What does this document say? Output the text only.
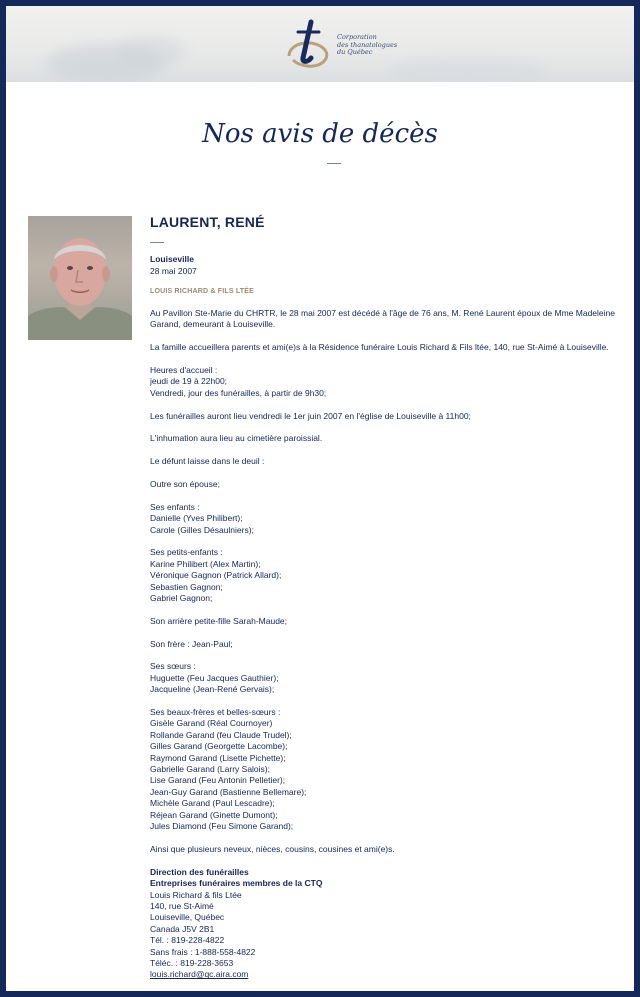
Corporation
des thanatologues
du Québec
Nos avis de décès
LAURENT, RENÉ
Louiseville
28 mai 2007
LOUIS RICHARD & FILS LTÉE

Au Pavillon Ste-Marie du CHRTR, le 28 mai 2007 est décédé à l'âge de 76 ans, M. René Laurent époux de Mme Madeleine Garand, demeurant à Louiseville.

La famille accueillera parents et ami(e)s à la Résidence funéraire Louis Richard & Fils ltée, 140, rue St-Aimé à Louiseville.

Heures d'accueil :
jeudi de 19 à 22h00;
Vendredi, jour des funérailles, à partir de 9h30;

Les funérailles auront lieu vendredi le 1er juin 2007 en l'église de Louiseville à 11h00;

L'inhumation aura lieu au cimetière paroissial.

Le défunt laisse dans le deuil :

Outre son épouse;

Ses enfants :
Danielle (Yves Philibert);
Carole (Gilles Désaulniers);

Ses petits-enfants :
Karine Philibert (Alex Martin);
Véronique Gagnon (Patrick Allard);
Sebastien Gagnon;
Gabriel Gagnon;

Son arrière petite-fille Sarah-Maude;

Son frère : Jean-Paul;

Ses sœurs :
Huguette (Feu Jacques Gauthier);
Jacqueline (Jean-René Gervais);

Ses beaux-frères et belles-sœurs :
Gisèle Garand (Réal Cournoyer)
Rollande Garand (feu Claude Trudel);
Gilles Garand (Georgette Lacombe);
Raymond Garand (Lisette Pichette);
Gabrielle Garand (Larry Salois);
Lise Garand (Feu Antonin Pelletier);
Jean-Guy Garand (Bastienne Bellemare);
Michèle Garand (Paul Lescadre);
Réjean Garand (Ginette Dumont);
Jules Diamond (Feu Simone Garand);

Ainsi que plusieurs neveux, nièces, cousins, cousines et ami(e)s.

Direction des funérailles
Entreprises funéraires membres de la CTQ
Louis Richard & fils Ltée
140, rue St-Aimé
Louiseville, Québec
Canada J5V 2B1
Tél. : 819-228-4822
Sans frais : 1-888-558-4822
Téléc. : 819-228-3653
louis.richard@qc.aira.com
